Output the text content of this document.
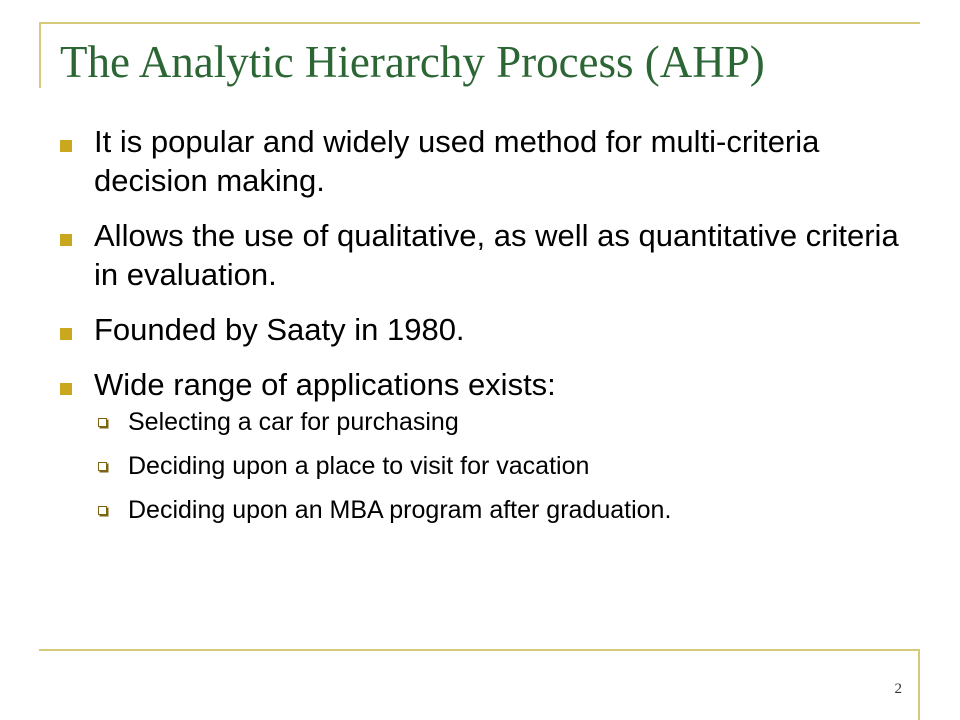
The Analytic Hierarchy Process (AHP)
It is popular and widely used method for multi-criteria decision making.
Allows the use of qualitative, as well as quantitative criteria in evaluation.
Founded by Saaty in 1980.
Wide range of applications exists:
Selecting a car for purchasing
Deciding upon a place to visit for vacation
Deciding upon an MBA program after graduation.
2
